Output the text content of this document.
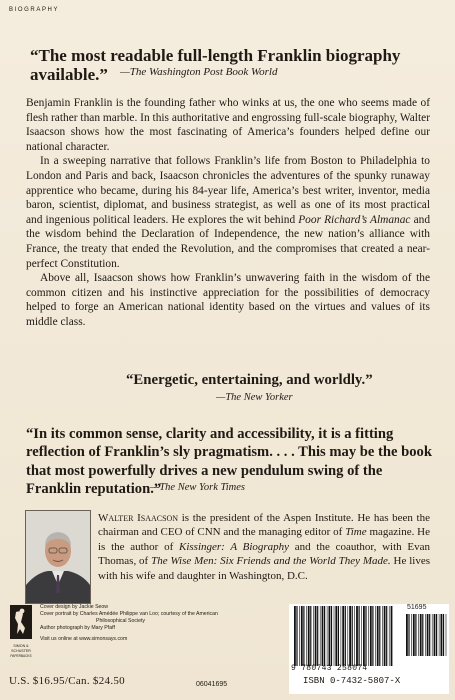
BIOGRAPHY
“The most readable full-length Franklin biography available.”	—The Washington Post Book World

Benjamin Franklin is the founding father who winks at us, the one who seems made of flesh rather than marble. In this authoritative and engrossing full-scale biography, Walter Isaacson shows how the most fascinating of America’s founders helped define our national character.

In a sweeping narrative that follows Franklin’s life from Boston to Philadelphia to London and Paris and back, Isaacson chronicles the adventures of the spunky runaway apprentice who became, during his 84-year life, America’s best writer, inventor, media baron, scientist, diplomat, and business strategist, as well as one of its most practical and ingenious political leaders. He explores the wit behind Poor Richard’s Almanac and the wisdom behind the Declaration of Independence, the new nation’s alliance with France, the treaty that ended the Revolution, and the compromises that created a near-perfect Constitution.

Above all, Isaacson shows how Franklin’s unwavering faith in the wisdom of the common citizen and his instinctive appreciation for the possibilities of democracy helped to forge an American national identity based on the virtues and values of its middle class.

“Energetic, entertaining, and worldly.”
—The New Yorker
“In its common sense, clarity and accessibility, it is a fitting reflection of Franklin’s sly pragmatism. . . . This may be the book that most powerfully drives a new pendulum swing of the Franklin reputation.”
—The New York Times
Walter Isaacson is the president of the Aspen Institute. He has been the chairman and CEO of CNN and the managing editor of Time magazine. He is the author of Kissinger: A Biography and the coauthor, with Evan Thomas, of The Wise Men: Six Friends and the World They Made. He lives with his wife and daughter in Washington, D.C.
SIMON &
SCHUSTER
PAPERBACKS
Cover design by Jackie Seow
Cover portrait by Charles Amédée Philippe van Loo; courtesy of the American
Philosophical Society
Author photograph by Mary Pfaff
Visit us online at www.simonsays.com
U.S. $16.95/Can. $24.50	06041695
51695
9 780743 258074
ISBN 0-7432-5807-X
